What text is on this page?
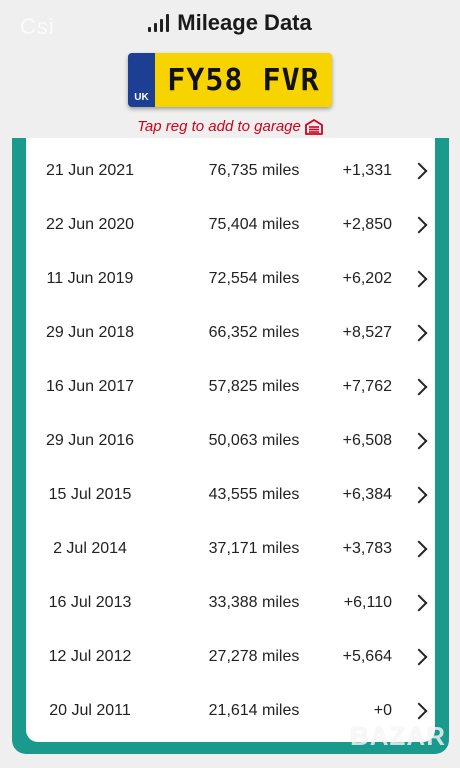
Csi	Mileage Data
UK FY58 FVR
Tap reg to add to garage
21 Jun 2021	76,735 miles	+1,331
22 Jun 2020	75,404 miles	+2,850
11 Jun 2019	72,554 miles	+6,202
29 Jun 2018	66,352 miles	+8,527
16 Jun 2017	57,825 miles	+7,762
29 Jun 2016	50,063 miles	+6,508
15 Jul 2015	43,555 miles	+6,384
2 Jul 2014	37,171 miles	+3,783
16 Jul 2013	33,388 miles	+6,110
12 Jul 2012	27,278 miles	+5,664
20 Jul 2011	21,614 miles	+0
BAZAR
